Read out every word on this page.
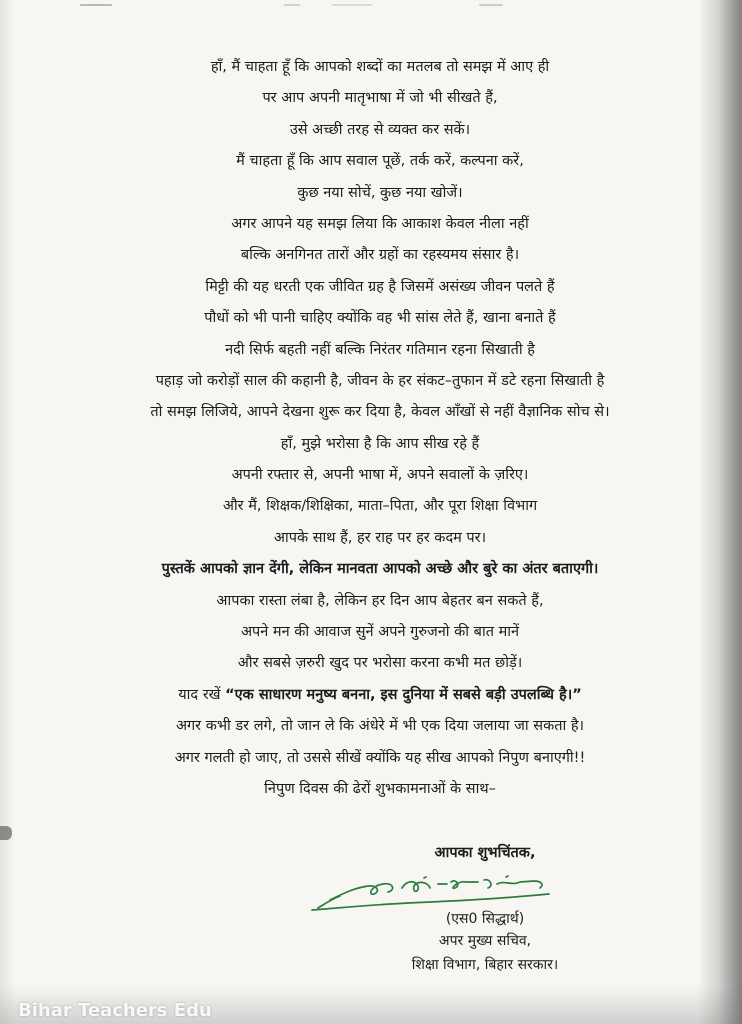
हाँ, मैं चाहता हूँ कि आपको शब्दों का मतलब तो समझ में आए ही
पर आप अपनी मातृभाषा में जो भी सीखते हैं,
उसे अच्छी तरह से व्यक्त कर सकें।
मैं चाहता हूँ कि आप सवाल पूछें, तर्क करें, कल्पना करें,
कुछ नया सोचें, कुछ नया खोजें।
अगर आपने यह समझ लिया कि आकाश केवल नीला नहीं
बल्कि अनगिनत तारों और ग्रहों का रहस्यमय संसार है।
मिट्टी की यह धरती एक जीवित ग्रह है जिसमें असंख्य जीवन पलते हैं
पौधों को भी पानी चाहिए क्योंकि वह भी सांस लेते हैं, खाना बनाते हैं
नदी सिर्फ बहती नहीं बल्कि निरंतर गतिमान रहना सिखाती है
पहाड़ जो करोड़ों साल की कहानी है, जीवन के हर संकट–तुफान में डटे रहना सिखाती है
तो समझ लिजिये, आपने देखना शुरू कर दिया है, केवल आँखों से नहीं वैज्ञानिक सोच से।
हाँ, मुझे भरोसा है कि आप सीख रहे हैं
अपनी रफ्तार से, अपनी भाषा में, अपने सवालों के ज़रिए।
और मैं, शिक्षक/शिक्षिका, माता–पिता, और पूरा शिक्षा विभाग
आपके साथ हैं, हर राह पर हर कदम पर।
पुस्तकें आपको ज्ञान देंगी, लेकिन मानवता आपको अच्छे और बुरे का अंतर बताएगी।
आपका रास्ता लंबा है, लेकिन हर दिन आप बेहतर बन सकते हैं,
अपने मन की आवाज सुनें अपने गुरुजनो की बात मानें
और सबसे ज़रुरी खुद पर भरोसा करना कभी मत छोड़ें।
याद रखें “एक साधारण मनुष्य बनना, इस दुनिया में सबसे बड़ी उपलब्धि है।”
अगर कभी डर लगे, तो जान ले कि अंधेरे में भी एक दिया जलाया जा सकता है।
अगर गलती हो जाए, तो उससे सीखें क्योंकि यह सीख आपको निपुण बनाएगी!!
निपुण दिवस की ढेरों शुभकामनाओं के साथ–
आपका शुभचिंतक,
(एस0 सिद्धार्थ)
अपर मुख्य सचिव,
शिक्षा विभाग, बिहार सरकार।
Bihar Teachers Edu
